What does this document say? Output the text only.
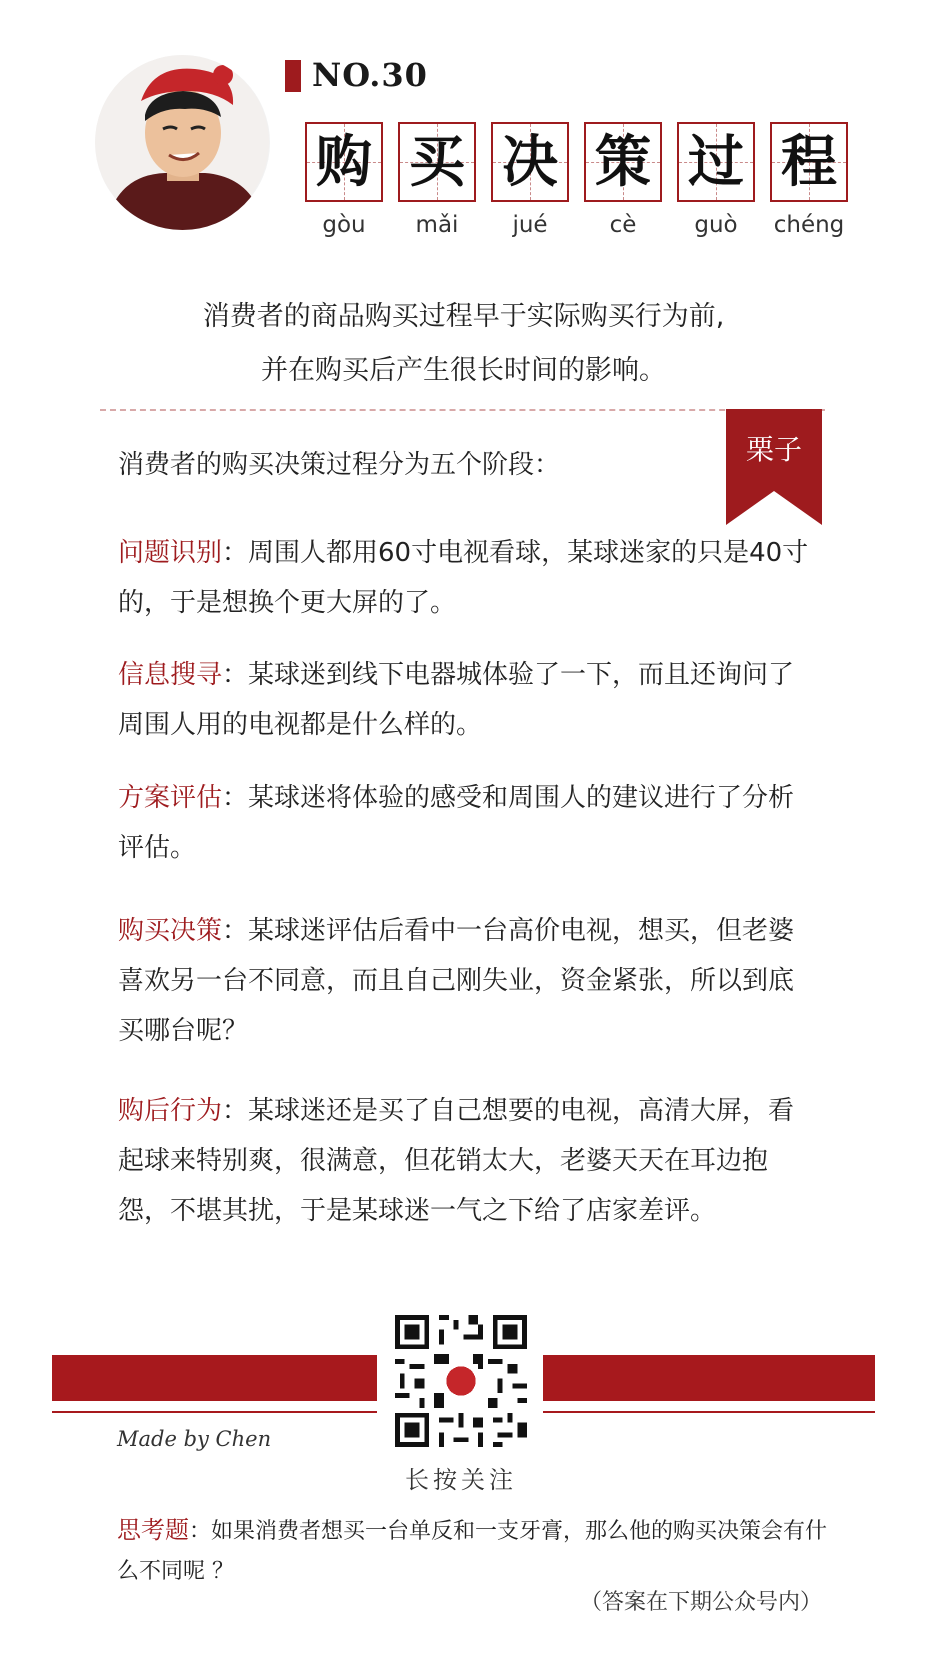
NO.30
购 买 决 策 过 程
gòu	mǎi	jué	cè	guò	chéng
消费者的商品购买过程早于实际购买行为前,
并在购买后产生很长时间的影响。
栗子
消费者的购买决策过程分为五个阶段：
问题识别：周围人都用60寸电视看球，某球迷家的只是40寸的，于是想换个更大屏的了。
信息搜寻：某球迷到线下电器城体验了一下，而且还询问了周围人用的电视都是什么样的。
方案评估：某球迷将体验的感受和周围人的建议进行了分析评估。
购买决策：某球迷评估后看中一台高价电视，想买，但老婆喜欢另一台不同意，而且自己刚失业，资金紧张，所以到底买哪台呢？
购后行为：某球迷还是买了自己想要的电视，高清大屏，看起球来特别爽，很满意，但花销太大，老婆天天在耳边抱怨，不堪其扰，于是某球迷一气之下给了店家差评。
Made by Chen
长按关注
思考题：如果消费者想买一台单反和一支牙膏，那么他的购买决策会有什么不同呢 ？
（答案在下期公众号内）
